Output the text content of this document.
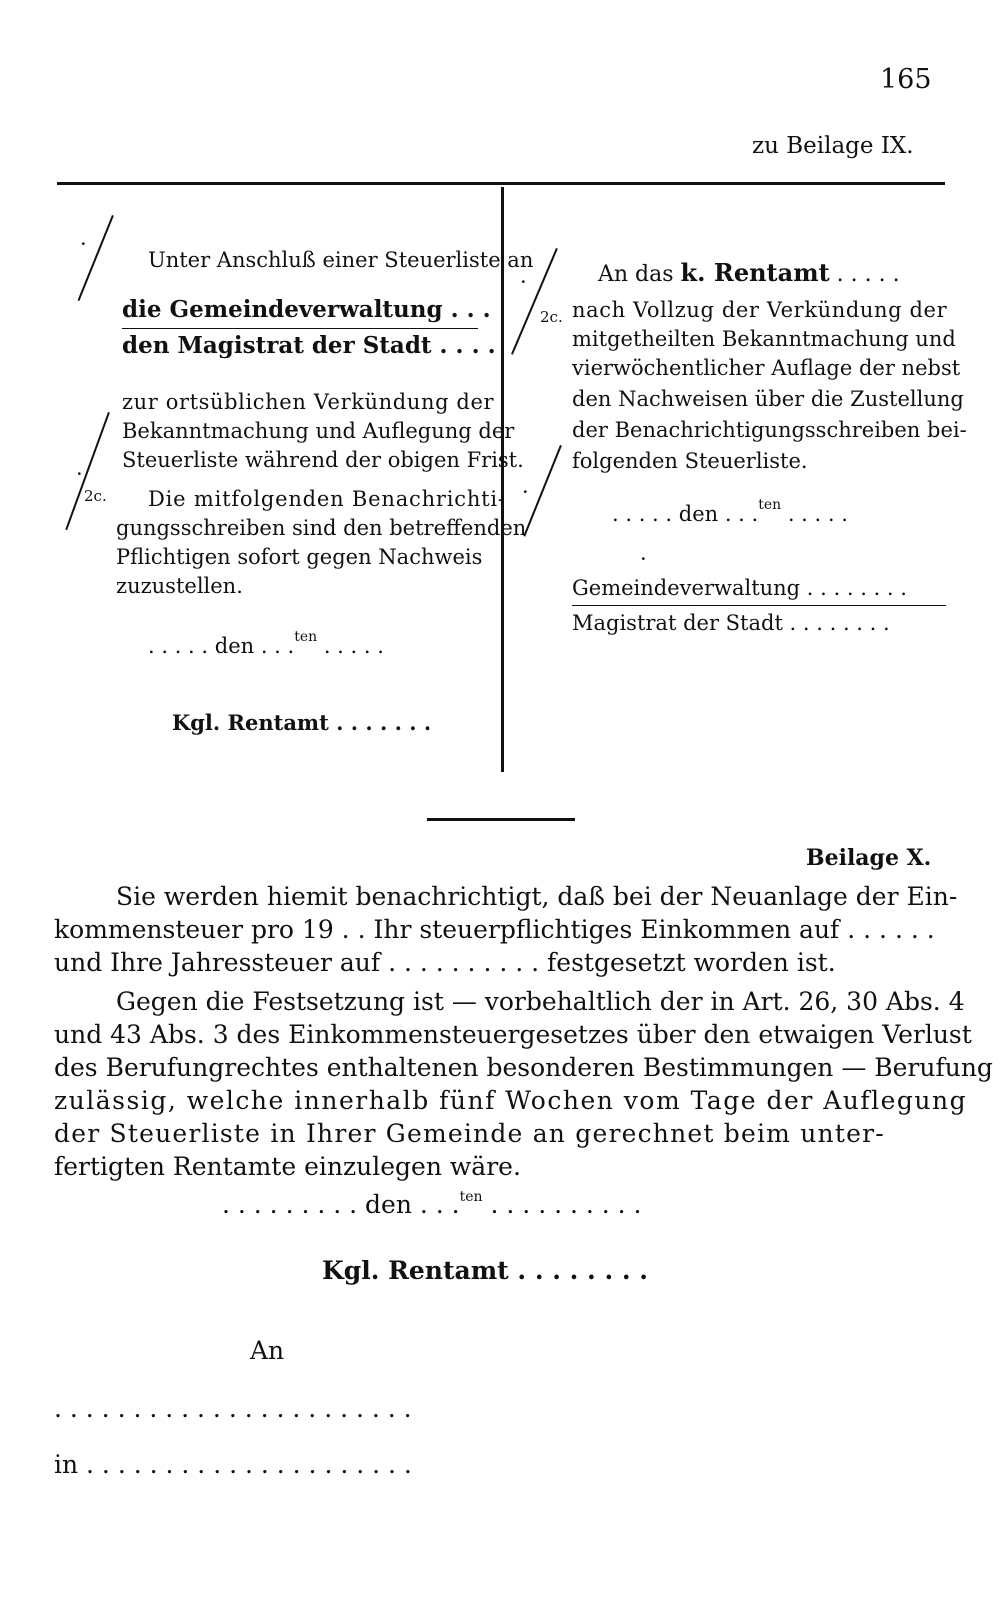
165
zu Beilage IX.
·
·
2c.
Unter Anschluß einer Steuerliste an
die Gemeindeverwaltung . . .
den Magistrat der Stadt . . . .
zur ortsüblichen Verkündung der
Bekanntmachung und Auflegung der
Steuerliste während der obigen Frist.
Die mitfolgenden Benachrichti-
gungsschreiben sind den betreffenden
Pflichtigen sofort gegen Nachweis
zuzustellen.
. . . . . den . . .$^{ten}$ . . . . .
Kgl. Rentamt . . . . . . .
·
·
2c.
An das k. Rentamt . . . . .
nach Vollzug der Verkündung der
mitgetheilten Bekanntmachung und
vierwöchentlicher Auflage der nebst
den Nachweisen über die Zustellung
der Benachrichtigungsschreiben bei-
folgenden Steuerliste.
. . . . . den . . .$^{ten}$ . . . . .
·
Gemeindeverwaltung . . . . . . . .
Magistrat der Stadt . . . . . . . .
Beilage X.
Sie werden hiemit benachrichtigt, daß bei der Neuanlage der Ein-
kommensteuer pro 19 . . Ihr steuerpflichtiges Einkommen auf . . . . . .
und Ihre Jahressteuer auf . . . . . . . . . . festgesetzt worden ist.
Gegen die Festsetzung ist — vorbehaltlich der in Art. 26, 30 Abs. 4
und 43 Abs. 3 des Einkommensteuergesetzes über den etwaigen Verlust
des Berufungrechtes enthaltenen besonderen Bestimmungen — Berufung
zulässig, welche innerhalb fünf Wochen vom Tage der Auflegung
der Steuerliste in Ihrer Gemeinde an gerechnet beim unter-
fertigten Rentamte einzulegen wäre.
. . . . . . . . . den . . .$^{ten}$ . . . . . . . . . .
Kgl. Rentamt . . . . . . . .
An
. . . . . . . . . . . . . . . . . . . . . . .
in . . . . . . . . . . . . . . . . . . . . .
